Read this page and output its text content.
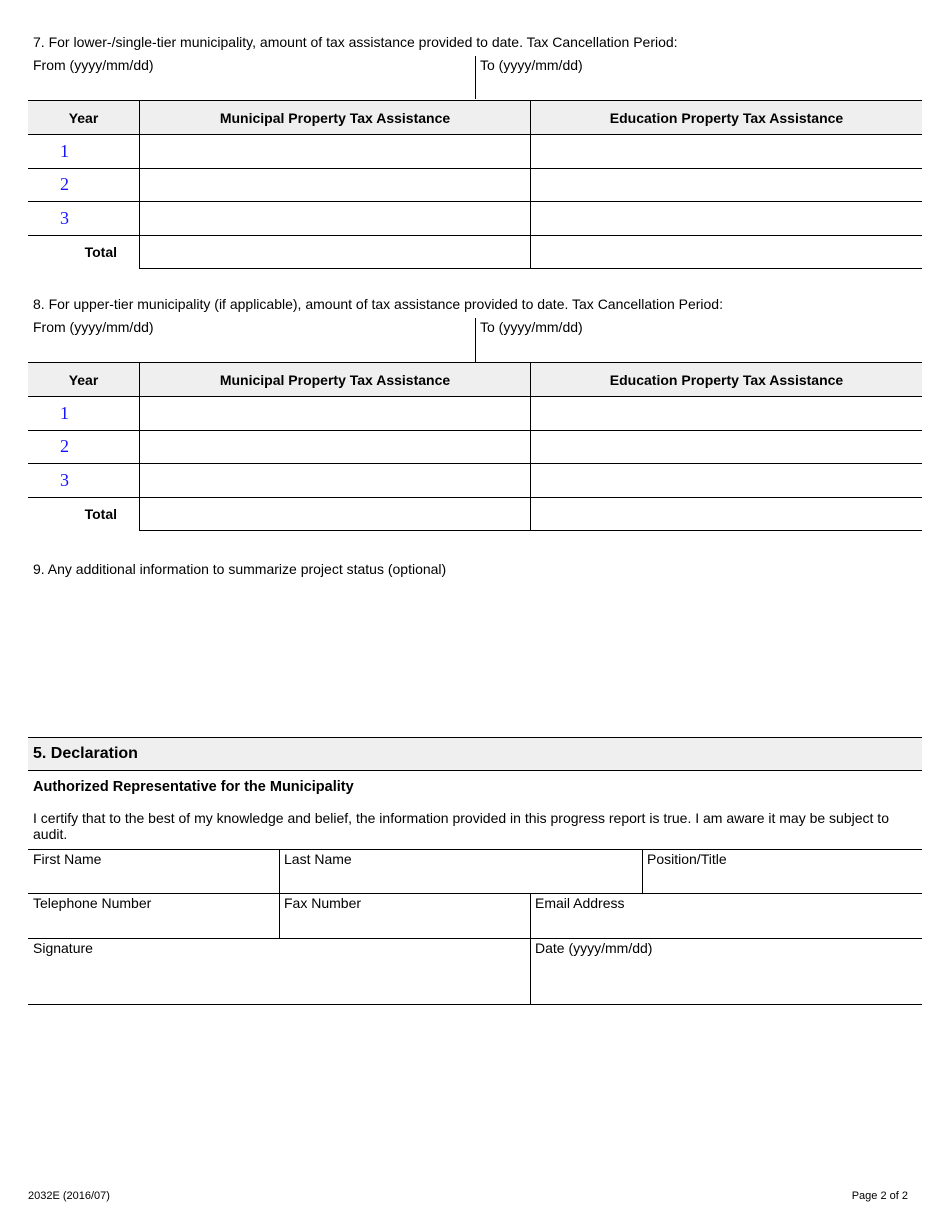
7. For lower-/single-tier municipality, amount of tax assistance provided to date. Tax Cancellation Period:
From (yyyy/mm/dd)	To (yyyy/mm/dd)
Year	Municipal Property Tax Assistance	Education Property Tax Assistance
1		
2		
3		
Total		
8. For upper-tier municipality (if applicable), amount of tax assistance provided to date. Tax Cancellation Period:
From (yyyy/mm/dd)	To (yyyy/mm/dd)
Year	Municipal Property Tax Assistance	Education Property Tax Assistance
1		
2		
3		
Total		
9. Any additional information to summarize project status (optional)
5. Declaration
Authorized Representative for the Municipality
I certify that to the best of my knowledge and belief, the information provided in this progress report is true. I am aware it may be subject to audit.
First Name	Last Name	Position/Title
Telephone Number	Fax Number	Email Address
Signature	Date (yyyy/mm/dd)
2032E (2016/07)	Page 2 of 2
